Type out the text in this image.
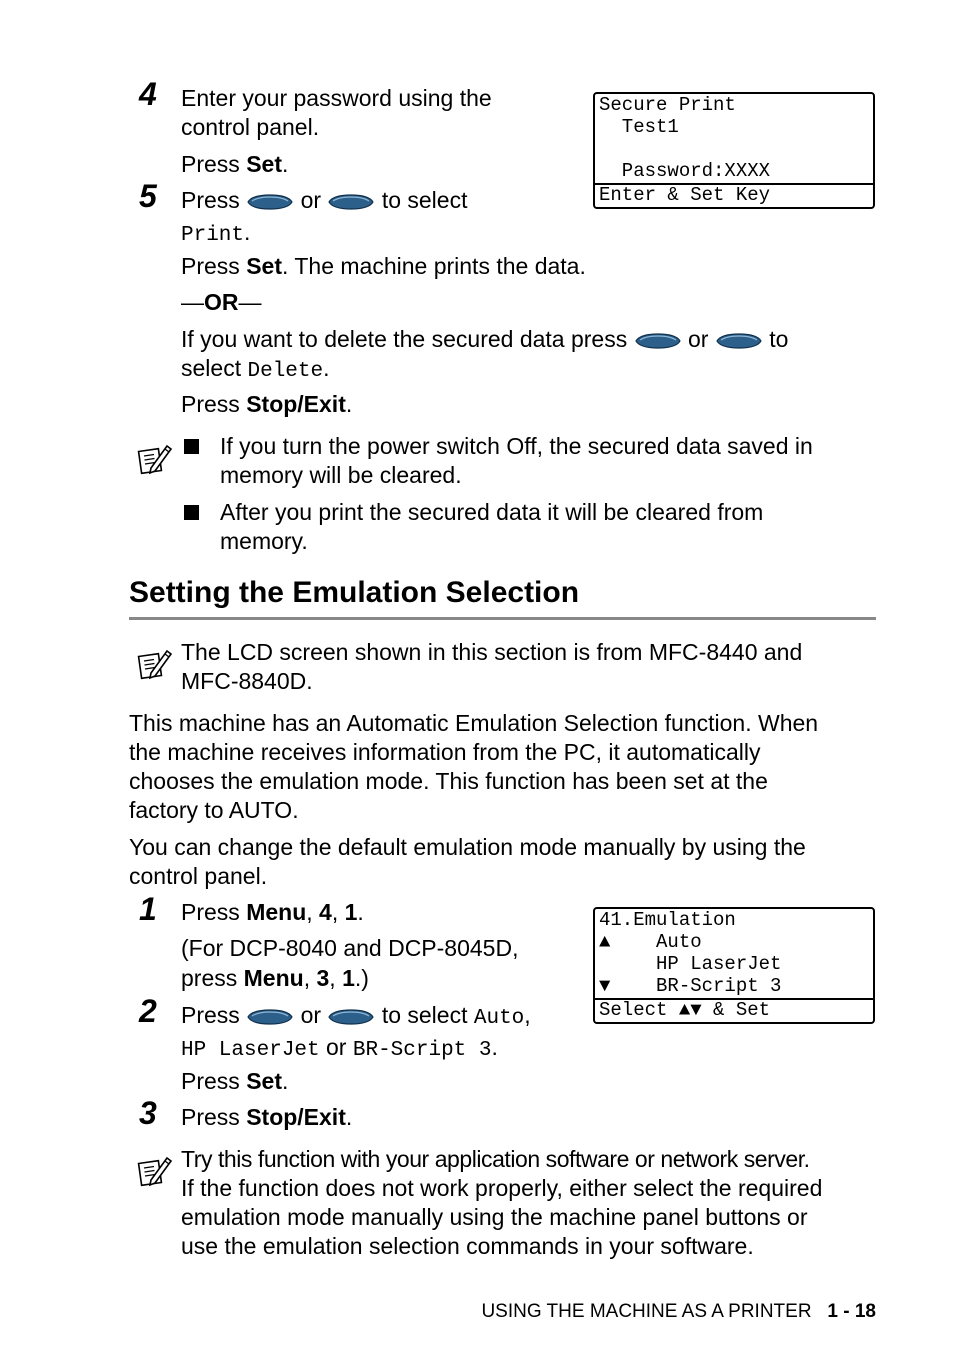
4 Enter your password using the
control panel.
Press Set.
Secure Print
Test1
Password:XXXX
Enter & Set Key
5 Press	or	to select
Print.
Press Set. The machine prints the data.
—OR—
If you want to delete the secured data press	or	to
select Delete.
Press Stop/Exit.
If you turn the power switch Off, the secured data saved in
memory will be cleared.
After you print the secured data it will be cleared from
memory.
Setting the Emulation Selection
The LCD screen shown in this section is from MFC-8440 and
MFC-8840D.
This machine has an Automatic Emulation Selection function. When
the machine receives information from the PC, it automatically
chooses the emulation mode. This function has been set at the
factory to AUTO.
You can change the default emulation mode manually by using the
control panel.
1 Press Menu, 4, 1.
(For DCP-8040 and DCP-8045D,
press Menu, 3, 1.)
41.Emulation
▲    Auto
HP LaserJet
▼    BR-Script 3
Select ▲▼ & Set
2 Press	or	to select Auto,
HP LaserJet or BR-Script 3.
Press Set.
3 Press Stop/Exit.
Try this function with your application software or network server.
If the function does not work properly, either select the required
emulation mode manually using the machine panel buttons or
use the emulation selection commands in your software.
USING THE MACHINE AS A PRINTER 1 - 18
